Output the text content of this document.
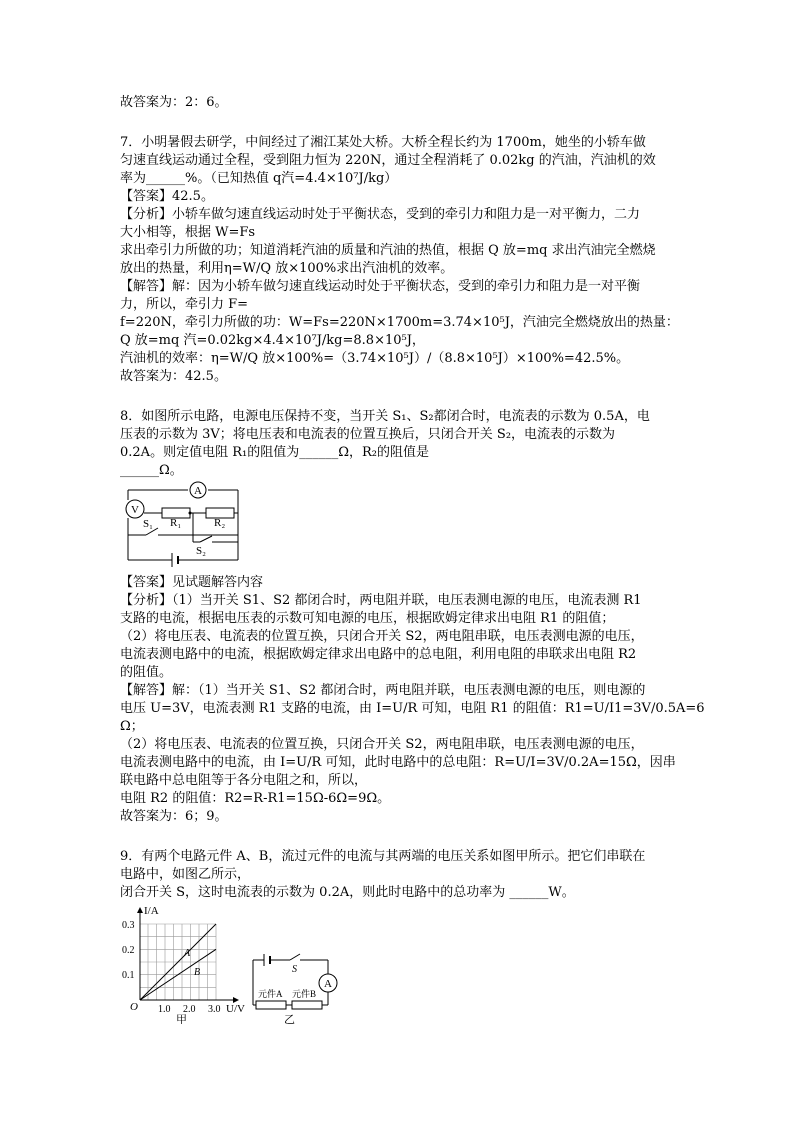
故答案为：2：6。
7．小明暑假去研学，中间经过了湘江某处大桥。大桥全程长约为 1700m，她坐的小轿车做
匀速直线运动通过全程，受到阻力恒为 220N，通过全程消耗了 0.02kg 的汽油，汽油机的效
率为______%。（已知热值 q汽=4.4×10⁷J/kg）
【答案】42.5。
【分析】小轿车做匀速直线运动时处于平衡状态，受到的牵引力和阻力是一对平衡力，二力
大小相等，根据 W=Fs
求出牵引力所做的功；知道消耗汽油的质量和汽油的热值，根据 Q 放=mq 求出汽油完全燃烧
放出的热量，利用η=W/Q 放×100%求出汽油机的效率。
【解答】解：因为小轿车做匀速直线运动时处于平衡状态，受到的牵引力和阻力是一对平衡
力，所以，牵引力 F=
f=220N，牵引力所做的功：W=Fs=220N×1700m=3.74×10⁵J，汽油完全燃烧放出的热量：
Q 放=mq 汽=0.02kg×4.4×10⁷J/kg=8.8×10⁵J，
汽油机的效率：η=W/Q 放×100%=（3.74×10⁵J）/（8.8×10⁵J）×100%=42.5%。
故答案为：42.5。
8．如图所示电路，电源电压保持不变，当开关 S₁、S₂都闭合时，电流表的示数为 0.5A，电
压表的示数为 3V；将电压表和电流表的位置互换后，只闭合开关 S₂，电流表的示数为
0.2A。则定值电阻 R₁的阻值为______Ω，R₂的阻值是
______Ω。
A
V
S₁ R₁	R₂
S₂
【答案】见试题解答内容
【分析】（1）当开关 S1、S2 都闭合时，两电阻并联，电压表测电源的电压，电流表测 R1
支路的电流，根据电压表的示数可知电源的电压，根据欧姆定律求出电阻 R1 的阻值；
（2）将电压表、电流表的位置互换，只闭合开关 S2，两电阻串联，电压表测电源的电压，
电流表测电路中的电流，根据欧姆定律求出电路中的总电阻，利用电阻的串联求出电阻 R2
的阻值。
【解答】解：（1）当开关 S1、S2 都闭合时，两电阻并联，电压表测电源的电压，则电源的
电压 U=3V，电流表测 R1 支路的电流，由 I=U/R 可知，电阻 R1 的阻值：R1=U/I1=3V/0.5A=6
Ω；
（2）将电压表、电流表的位置互换，只闭合开关 S2，两电阻串联，电压表测电源的电压，
电流表测电路中的电流，由 I=U/R 可知，此时电路中的总电阻：R=U/I=3V/0.2A=15Ω，因串
联电路中总电阻等于各分电阻之和，所以，
电阻 R2 的阻值：R2=R-R1=15Ω-6Ω=9Ω。
故答案为：6；9。
9．有两个电路元件 A、B，流过元件的电流与其两端的电压关系如图甲所示。把它们串联在
电路中，如图乙所示，
闭合开关 S，这时电流表的示数为 0.2A，则此时电路中的总功率为 ______W。
I/A
U/V
O
0.3
0.2
0.1
1.0 2.0 3.0
A
B
甲
S
A
元件A 元件B
乙
